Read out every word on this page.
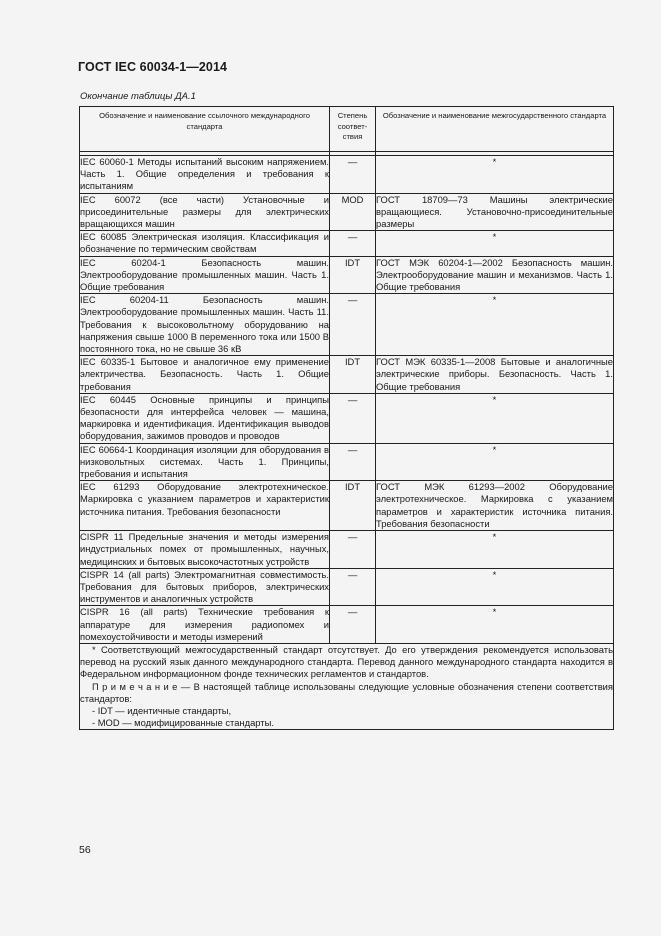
ГОСТ IEC 60034-1—2014
Окончание таблицы ДА.1
Обозначение и наименование ссылочного международного стандарта	Степень соответ-ствия	Обозначение и наименование межгосударственного стандарта

IEC 60060-1 Методы испытаний высоким напряжением. Часть 1. Общие определения и требования к испытаниям	—	*
IEC 60072 (все части) Установочные и присоединительные размеры для электрических вращающихся машин	MOD	ГОСТ 18709—73 Машины электрические вращающиеся. Установочно-присоединительные размеры
IEC 60085 Электрическая изоляция. Классификация и обозначение по термическим свойствам	—	*
IEC 60204-1 Безопасность машин. Электрооборудование промышленных машин. Часть 1. Общие требования	IDT	ГОСТ МЭК 60204-1—2002 Безопасность машин. Электрооборудование машин и механизмов. Часть 1. Общие требования
IEC 60204-11 Безопасность машин. Электрооборудование промышленных машин. Часть 11. Требования к высоковольтному оборудованию на напряжения свыше 1000 В переменного тока или 1500 В постоянного тока, но не свыше 36 кВ	—	*
IEC 60335-1 Бытовое и аналогичное ему применение электричества. Безопасность. Часть 1. Общие требования	IDT	ГОСТ МЭК 60335-1—2008 Бытовые и аналогичные электрические приборы. Безопасность. Часть 1. Общие требования
IEC 60445 Основные принципы и принципы безопасности для интерфейса человек — машина, маркировка и идентификация. Идентификация выводов оборудования, зажимов проводов и проводов	—	*
IEC 60664-1 Координация изоляции для оборудования в низковольтных системах. Часть 1. Принципы, требования и испытания	—	*
IEC 61293 Оборудование электротехническое. Маркировка с указанием параметров и характеристик источника питания. Требования безопасности	IDT	ГОСТ МЭК 61293—2002 Оборудование электротехническое. Маркировка с указанием параметров и характеристик источника питания. Требования безопасности
CISPR 11 Предельные значения и методы измерения индустриальных помех от промышленных, научных, медицинских и бытовых высокочастотных устройств	—	*
CISPR 14 (all parts) Электромагнитная совместимость. Требования для бытовых приборов, электрических инструментов и аналогичных устройств	—	*
CISPR 16 (all parts) Технические требования к аппаратуре для измерения радиопомех и помехоустойчивости и методы измерений	—	*

* Соответствующий межгосударственный стандарт отсутствует. До его утверждения рекомендуется использовать перевод на русский язык данного международного стандарта. Перевод данного международного стандарта находится в Федеральном информационном фонде технических регламентов и стандартов.
П р и м е ч а н и е — В настоящей таблице использованы следующие условные обозначения степени соответствия стандартов:
- IDT — идентичные стандарты,
- MOD — модифицированные стандарты.		
56
